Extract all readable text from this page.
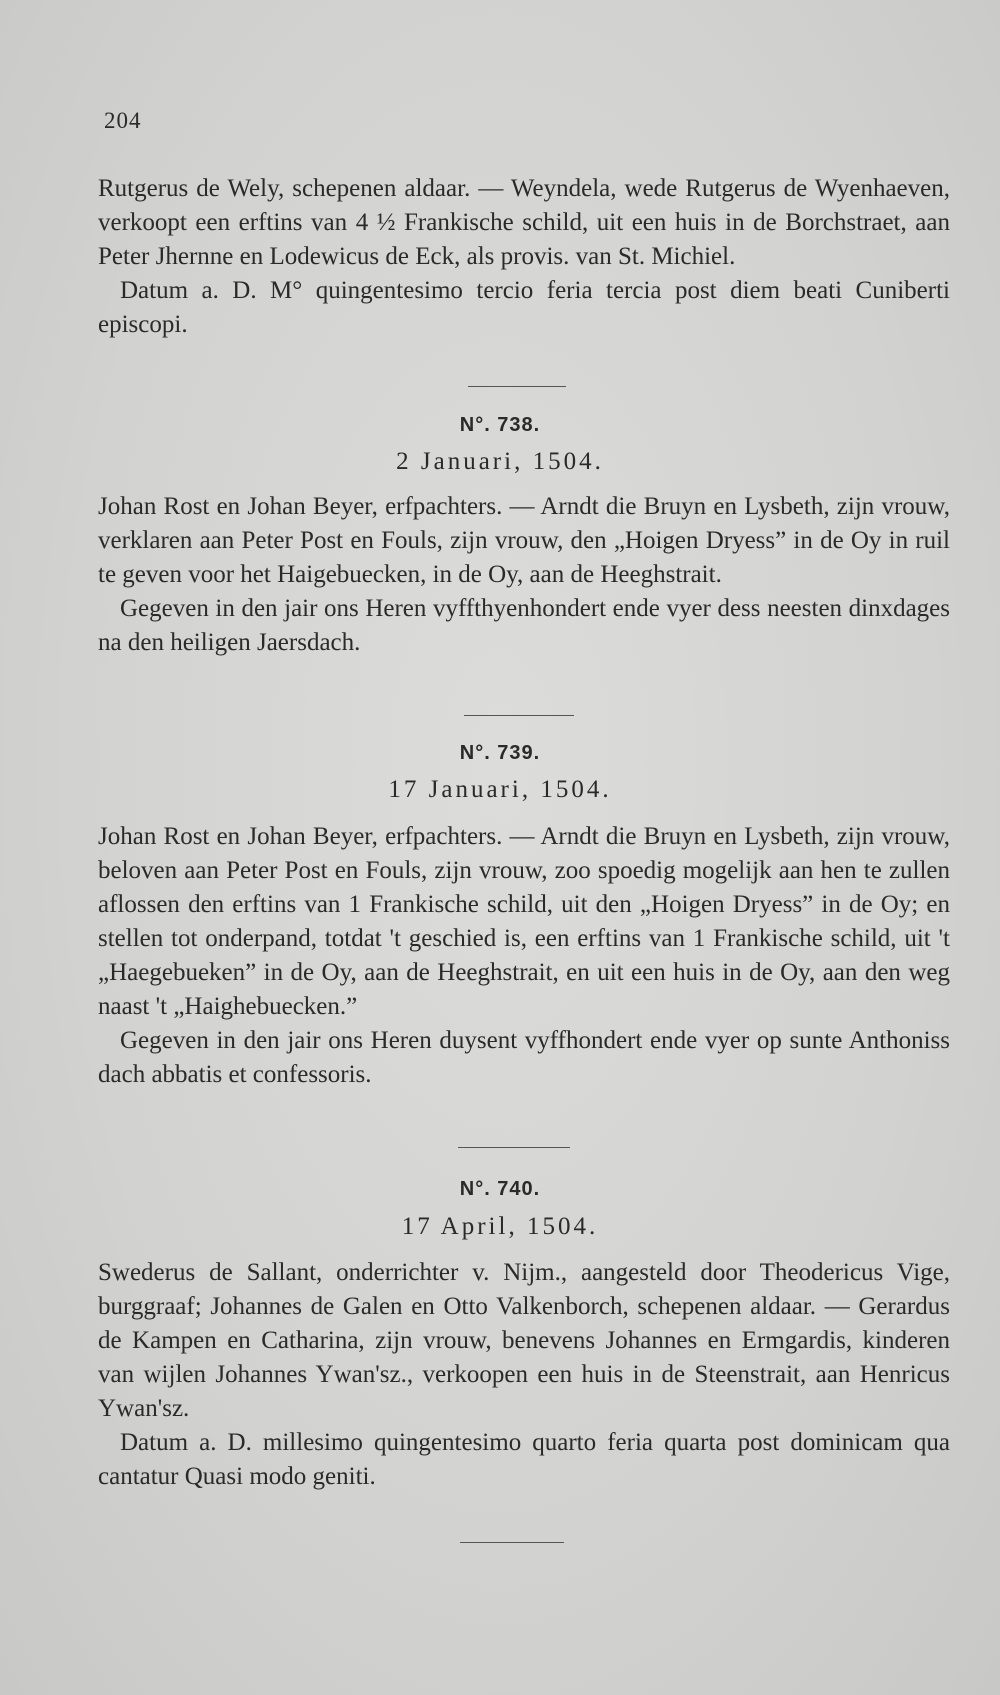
204

Rutgerus de Wely, schepenen aldaar. — Weyndela, wede Rutgerus de Wyenhaeven, verkoopt een erftins van 4 ½ Frankische schild, uit een huis in de Borchstraet, aan Peter Jhernne en Lodewicus de Eck, als provis. van St. Michiel.

Datum a. D. M° quingentesimo tercio feria tercia post diem beati Cuniberti episcopi.

N°. 738.
2 Januari, 1504.

Johan Rost en Johan Beyer, erfpachters. — Arndt die Bruyn en Lysbeth, zijn vrouw, verklaren aan Peter Post en Fouls, zijn vrouw, den „Hoigen Dryess” in de Oy in ruil te geven voor het Haigebuecken, in de Oy, aan de Heeghstrait.

Gegeven in den jair ons Heren vyffthyenhondert ende vyer dess neesten dinxdages na den heiligen Jaersdach.

N°. 739.
17 Januari, 1504.

Johan Rost en Johan Beyer, erfpachters. — Arndt die Bruyn en Lysbeth, zijn vrouw, beloven aan Peter Post en Fouls, zijn vrouw, zoo spoedig mogelijk aan hen te zullen aflossen den erftins van 1 Frankische schild, uit den „Hoigen Dryess” in de Oy; en stellen tot onderpand, totdat 't geschied is, een erftins van 1 Frankische schild, uit 't „Haegebueken” in de Oy, aan de Heeghstrait, en uit een huis in de Oy, aan den weg naast 't „Haighebuecken.”

Gegeven in den jair ons Heren duysent vyffhondert ende vyer op sunte Anthoniss dach abbatis et confessoris.

N°. 740.
17 April, 1504.

Swederus de Sallant, onderrichter v. Nijm., aangesteld door Theodericus Vige, burggraaf; Johannes de Galen en Otto Valkenborch, schepenen aldaar. — Gerardus de Kampen en Catharina, zijn vrouw, benevens Johannes en Ermgardis, kinderen van wijlen Johannes Ywan'sz., verkoopen een huis in de Steenstrait, aan Henricus Ywan'sz.

Datum a. D. millesimo quingentesimo quarto feria quarta post dominicam qua cantatur Quasi modo geniti.
